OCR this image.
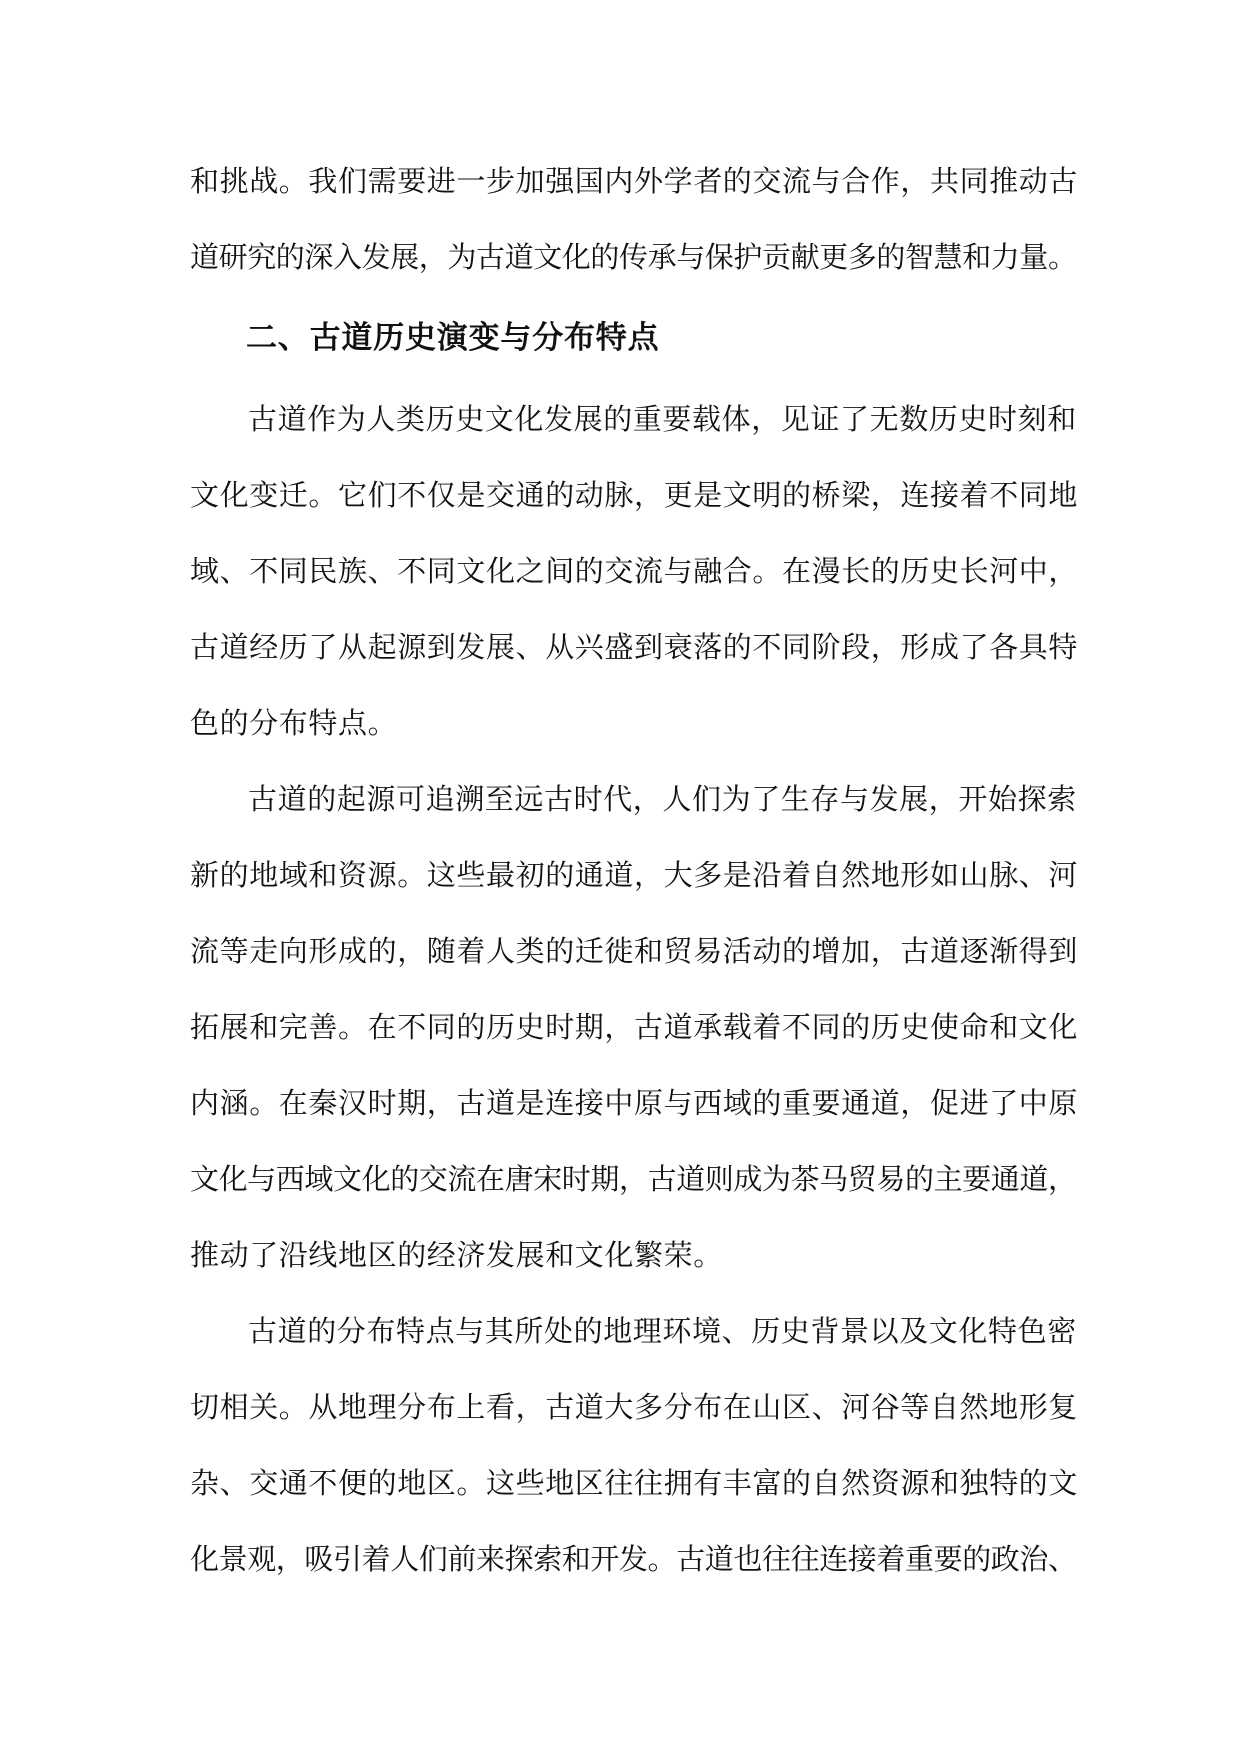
和挑战。我们需要进一步加强国内外学者的交流与合作，共同推动古
道研究的深入发展，为古道文化的传承与保护贡献更多的智慧和力量。
二、古道历史演变与分布特点
古道作为人类历史文化发展的重要载体，见证了无数历史时刻和
文化变迁。它们不仅是交通的动脉，更是文明的桥梁，连接着不同地
域、不同民族、不同文化之间的交流与融合。在漫长的历史长河中，
古道经历了从起源到发展、从兴盛到衰落的不同阶段，形成了各具特
色的分布特点。
古道的起源可追溯至远古时代，人们为了生存与发展，开始探索
新的地域和资源。这些最初的通道，大多是沿着自然地形如山脉、河
流等走向形成的，随着人类的迁徙和贸易活动的增加，古道逐渐得到
拓展和完善。在不同的历史时期，古道承载着不同的历史使命和文化
内涵。在秦汉时期，古道是连接中原与西域的重要通道，促进了中原
文化与西域文化的交流在唐宋时期，古道则成为茶马贸易的主要通道，
推动了沿线地区的经济发展和文化繁荣。
古道的分布特点与其所处的地理环境、历史背景以及文化特色密
切相关。从地理分布上看，古道大多分布在山区、河谷等自然地形复
杂、交通不便的地区。这些地区往往拥有丰富的自然资源和独特的文
化景观，吸引着人们前来探索和开发。古道也往往连接着重要的政治、
